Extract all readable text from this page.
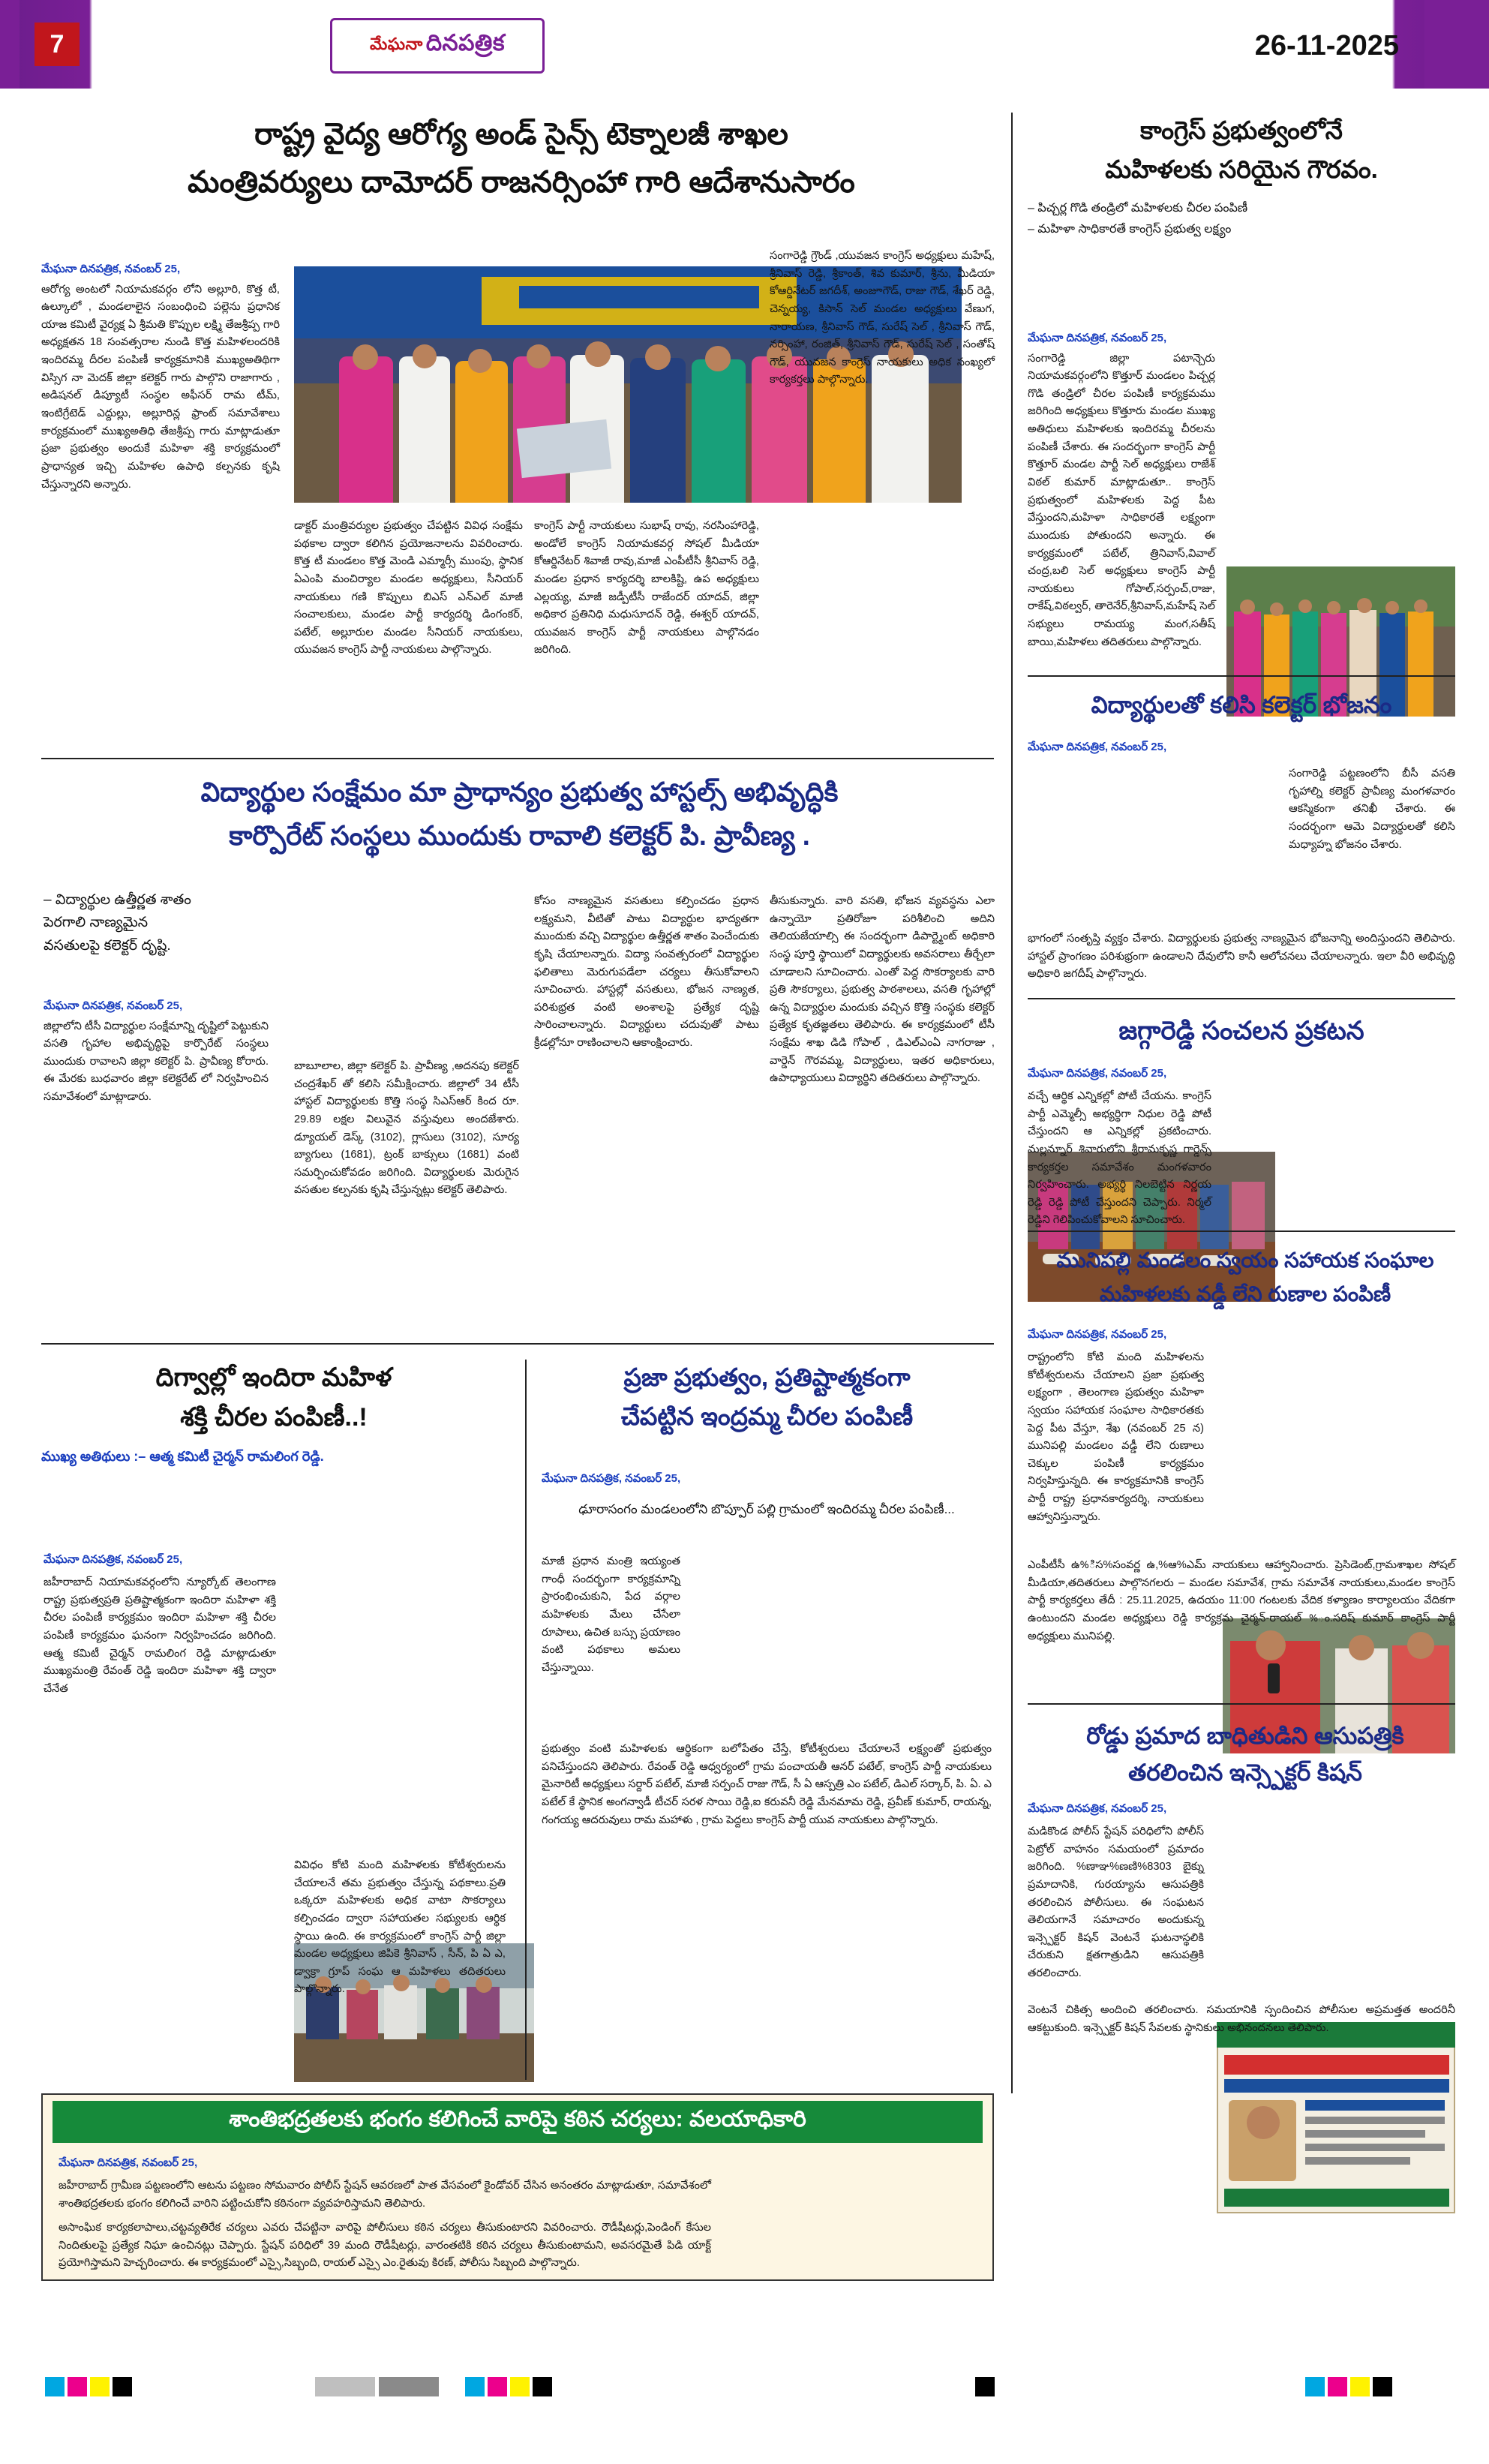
7	మేఘనా దినపత్రిక	26-11-2025
రాష్ట్ర వైద్య ఆరోగ్య అండ్ సైన్స్ టెక్నాలజీ శాఖల
మంత్రివర్యులు దామోదర్ రాజనర్సింహా గారి ఆదేశానుసారం
మేఘనా దినపత్రిక, నవంబర్ 25,
ఆరోగ్య అంటలో నియామకవర్గం లోని అల్లూరి, కొత్త టీ, ఉల్కూలో , మండలాలైన సంబంధించి పల్లెను ప్రధానిక యాజ కమిటీ వైర్యక్ష ఏ శ్రీమతి కొప్పుల లక్ష్మి తేజశ్రీప్ప గారి అధ్యక్షతన 18 సంవత్సరాల నుండి కొత్త మహిళలందరికి ఇందిరమ్మ దీరల పంపిణీ కార్యక్రమానికి ముఖ్యఅతిథిగా విస్సిగ నా మెదక్ జిల్లా కలెక్టర్ గారు పాల్గొని రాజాగారు , అడిషనల్ డిప్యూటీ సంస్థల అఫీసర్ రామ టీమ్, ఇంటిగ్రేటెడ్ ఎద్దుల్లు, అల్లూరిన్ల ఫ్రాంట్ సమావేశాలు కార్యక్రమంలో ముఖ్యఅతిధి తేజశ్రీప్ప గారు మాట్లాడుతూ ప్రజా ప్రభుత్వం అందుకే మహిళా శక్తి కార్యక్రమంలో ప్రాధాన్యత ఇచ్చి మహిళల ఉపాధి కల్పనకు కృషి చేస్తున్నారని అన్నారు.
డాక్టర్ మంత్రివర్యుల ప్రభుత్వం చేపట్టిన వివిధ సంక్షేమ పథకాల ద్వారా కలిగిన ప్రయోజనాలను వివరించారు. కొత్త టీ మండలం కొత్త మెండి ఎమ్మార్సీ ముంపు, స్థానిక ఏఎంపి మంచిర్యాల మండల అధ్యక్షులు, సీనియర్ నాయకులు గణి కొప్పులు బిఎస్ ఎన్ఎల్ మాజీ సంచాలకులు, మండల పార్టీ కార్యదర్శి డింగంకర్, పటేల్, అల్లూరుల మండల సీనియర్ నాయకులు, యువజన కాంగ్రెస్ పార్టీ నాయకులు పాల్గొన్నారు.
కాంగ్రెస్ పార్టీ నాయకులు సుభాష్ రావు, నరసింహారెడ్డి, అండోలే కాంగ్రెస్ నియామకవర్గ సోషల్ మీడియా కోఆర్డినేటర్ శివాజీ రావు,మాజీ ఎంపీటీసీ శ్రీనివాస్ రెడ్డి, మండల ప్రధాన కార్యదర్శి బాలకిష్టి, ఉప అధ్యక్షులు ఎల్లయ్య, మాజీ జడ్పీటీసీ రాజేందర్ యాదవ్, జిల్లా అధికార ప్రతినిధి మధుసూదన్ రెడ్డి, ఈశ్వర్ యాదవ్, యువజన కాంగ్రెస్ పార్టీ నాయకులు పాల్గొనడం జరిగింది.
సంగారెడ్డి గ్రౌండ్ ,యువజన కాంగ్రెస్ అధ్యక్షులు మహేష్, శ్రీనివాస్ రెడ్డి, శ్రీకాంత్, శివ కుమార్, శ్రీను, మీడియా కోఆర్డినేటర్ జగదీశ్, అంజూగౌడ్, రాజు గౌడ్, శేఖర్ రెడ్డి, చెన్నయ్య, కిసాన్ సెల్ మండల అధ్యక్షులు వేణుగ, నారాయణ, శ్రీనివాస్ గౌడ్, సురేష్ సెల్ , శ్రీనివాస్ గౌడ్, నర్సింహా, రంజిత్, శ్రీనివాస్ గౌడ్, సురేష్ సెల్ , సంతోష్ గౌడ్, యువజన కాంగ్రెస్ నాయకులు అధిక సంఖ్యలో కార్యకర్తలు పాల్గొన్నారు.
కాంగ్రెస్ ప్రభుత్వంలోనే
మహిళలకు సరియైన గౌరవం.
– పిచ్చర్ల గొడి తండ్రిలో మహిళలకు చీరల పంపిణీ
– మహిళా సాధికారతే కాంగ్రెస్ ప్రభుత్వ లక్ష్యం
మేఘనా దినపత్రిక, నవంబర్ 25,
సంగారెడ్డి జిల్లా పటాన్చెరు నియామకవర్గంలోని కొత్తూర్ మండలం పిచ్చర్ల గొడి తండ్రిలో చీరల పంపిణీ కార్యక్రమము జరిగింది అధ్యక్షులు కొత్తూరు మండల ముఖ్య అతిధులు మహిళలకు ఇందిరమ్మ చీరలను పంపిణీ చేశారు. ఈ సందర్భంగా కాంగ్రెస్ పార్టీ కొత్తూర్ మండల పార్టీ సెల్ అధ్యక్షులు రాజేశ్ విఠల్ కుమార్ మాట్లాడుతూ.. కాంగ్రెస్ ప్రభుత్వంలో మహిళలకు పెద్ద పీట వేస్తుందని,మహిళా సాధికారతే లక్ష్యంగా ముందుకు పోతుందని అన్నారు. ఈ కార్యక్రమంలో పటేల్, త్రినివాస్,వివాల్ చంద్ర,బలి సెల్ అధ్యక్షులు కాంగ్రెస్ పార్టీ నాయకులు గోపాల్,సర్పంచ్,రాజు, రాకేష్,విఠల్వర్, తారెనేర్,శ్రీనివాస్,మహేష్ సెల్ సభ్యులు రామయ్య మంగ,సతీష్ బాయి,మహిళలు తదితరులు పాల్గొన్నారు.
విద్యార్థులతో కలిసి కలెక్టర్ భోజనం
మేఘనా దినపత్రిక, నవంబర్ 25,
సంగారెడ్డి పట్టణంలోని బీసీ వసతి గృహాల్ని కలెక్టర్ ప్రావీణ్య మంగళవారం ఆకస్మికంగా తనిఖీ చేశారు. ఈ సందర్భంగా ఆమె విద్యార్థులతో కలిసి మధ్యాహ్న భోజనం చేశారు.
భాగంలో సంతృప్తి వ్యక్తం చేశారు. విద్యార్థులకు ప్రభుత్వ నాణ్యమైన భోజనాన్ని అందిస్తుందని తెలిపారు. హాస్టల్ ప్రాంగణం పరిశుభ్రంగా ఉండాలని దేవులోని కానీ ఆలోచనలు చేయాలన్నారు. ఇలా వీరి అభివృద్ధి అధికారి జగదీష్ పాల్గొన్నారు.
జగ్గారెడ్డి సంచలన ప్రకటన
మేఘనా దినపత్రిక, నవంబర్ 25,
వచ్చే ఆర్థిక ఎన్నికల్లో పోటీ చేయను. కాంగ్రెస్ పార్టీ ఎమ్మెల్సీ అభ్యర్థిగా నిధుల రెడ్డి పోటీ చేస్తుందని ఆ ఎన్నికల్లో ప్రకటించారు. మల్లన్నూర్ శివారులోని శ్రీరామకృష్ణ గార్డెన్స్ కార్యకర్తల సమావేశం మంగళవారం నిర్వహించారు. అభ్యర్థి నిలబెట్టిన నిర్ణయ రెడ్డి రెడ్డి పోటీ చేస్తుందని చెప్పారు. నిర్మల్ రెడ్డిని గెలిపించుకోవాలని సూచించారు.
మునిపల్లి మండలం స్వయం సహాయక సంఘాల
మహిళలకు వడ్డీ లేని రుణాల పంపిణీ
మేఘనా దినపత్రిక, నవంబర్ 25,
రాష్ట్రంలోని కోటి మంది మహిళలను కోటీశ్వరులను చేయాలని ప్రజా ప్రభుత్వ లక్ష్యంగా , తెలంగాణ ప్రభుత్వం మహిళా స్వయం సహాయక సంఘాల సాధికారతకు పెద్ద పీట వేస్తూ, శేఖ (నవంబర్ 25 న) మునిపల్లి మండలం వడ్డీ లేని రుణాలు చెక్కుల పంపిణీ కార్యక్రమం నిర్వహిస్తున్నది. ఈ కార్యక్రమానికి కాంగ్రెస్ పార్టీ రాష్ట్ర ప్రధానకార్యదర్శి, నాయకులు ఆహ్వానిస్తున్నారు.
ఎంపీటీసీ ఉ%ిస%సంవర్ణ ఉ,%ఆ%ఎమ్ నాయకులు ఆహ్వానించారు. ప్రెసిడెంట్,గ్రామశాఖల సోషల్ మీడియా,తదితరులు పాల్గొనగలరు – మండల సమావేశ, గ్రామ సమావేశ నాయకులు,మండల కాంగ్రెస్ పార్టీ కార్యకర్తలు తేదీ : 25.11.2025, ఉదయం 11:00 గంటలకు వేదిక కళ్యాణం కార్యాలయం వేదికగా ఉంటుందని మండల అధ్యక్షులు రెడ్డి కార్యక్రమ చైర్మన్-రాయల్ %ం.సరిష్ కుమార్ కాంగ్రెస్ పార్టీ అధ్యక్షులు మునిపల్లి.
రోడ్డు ప్రమాద బాధితుడిని ఆసుపత్రికి
తరలించిన ఇన్స్పెక్టర్ కిషన్
మేఘనా దినపత్రిక, నవంబర్ 25,
మడికొండ పోలీస్ స్టేషన్ పరిధిలోని పోలీస్ పెట్రోల్ వాహనం సమయంలో ప్రమాదం జరిగింది. %ణాఞ%ణణి%8303 బైక్ను ప్రమాదానికి, గురయ్యాను ఆసుపత్రికి తరలించిన పోలీసులు. ఈ సంఘటన తెలియగానే సమాచారం అందుకున్న ఇన్స్పెక్టర్ కిషన్ వెంటనే ఘటనాస్థలికి చేరుకుని క్షతగాత్రుడిని ఆసుపత్రికి తరలించారు.
వెంటనే చికిత్స అందించి తరలించారు. సమయానికి స్పందించిన పోలీసుల అప్రమత్తత అందరినీ ఆకట్టుకుంది. ఇన్స్పెక్టర్ కిషన్ సేవలకు స్థానికులు అభినందనలు తెలిపారు.
విద్యార్థుల సంక్షేమం మా ప్రాధాన్యం ప్రభుత్వ హాస్టల్స్ అభివృద్ధికి
కార్పొరేట్ సంస్థలు ముందుకు రావాలి కలెక్టర్ పి. ప్రావీణ్య .
– విద్యార్థుల ఉత్తీర్ణత శాతం
పెరగాలి నాణ్యమైన
వసతులపై కలెక్టర్ దృష్టి.
మేఘనా దినపత్రిక, నవంబర్ 25,
జిల్లాలోని టీసీ విద్యార్థుల సంక్షేమాన్ని దృష్టిలో పెట్టుకుని వసతి గృహాల అభివృద్ధిపై కార్పొరేట్ సంస్థలు ముందుకు రావాలని జిల్లా కలెక్టర్ పి. ప్రావీణ్య కోరారు. ఈ మేరకు బుధవారం జిల్లా కలెక్టరేట్ లో నిర్వహించిన సమావేశంలో మాట్లాడారు.
బాబూలాల, జిల్లా కలెక్టర్ పి. ప్రావీణ్య ,అదనపు కలెక్టర్ చంద్రశేఖర్ తో కలిసి సమీక్షించారు. జిల్లాలో 34 టీసీ హాస్టల్ విద్యార్థులకు కొత్తి సంస్థ సిఎస్ఆర్ కింద రూ. 29.89 లక్షల విలువైన వస్తువులు అందజేశారు. డ్యూయల్ డెస్క్ (3102), గ్లాసులు (3102), సూర్య బ్యాగులు (1681), ట్రంక్ బాక్సులు (1681) వంటి సమర్పించుకోవడం జరిగింది. విద్యార్థులకు మెరుగైన వసతుల కల్పనకు కృషి చేస్తున్నట్లు కలెక్టర్ తెలిపారు.
కోసం నాణ్యమైన వసతులు కల్పించడం ప్రధాన లక్ష్యమని, వీటితో పాటు విద్యార్థుల భాద్యతగా ముందుకు వచ్చి విద్యార్థుల ఉత్తీర్ణత శాతం పెంచేందుకు కృషి చేయాలన్నారు. విద్యా సంవత్సరంలో విద్యార్థుల ఫలితాలు మెరుగుపడేలా చర్యలు తీసుకోవాలని సూచించారు. హాస్టల్లో వసతులు, భోజన నాణ్యత, పరిశుభ్రత వంటి అంశాలపై ప్రత్యేక దృష్టి సారించాలన్నారు. విద్యార్థులు చదువుతో పాటు క్రీడల్లోనూ రాణించాలని ఆకాంక్షించారు.
తీసుకున్నారు. వారి వసతి, భోజన వ్యవస్థను ఎలా ఉన్నాయో ప్రతిరోజూ పరిశీలించి అదిని తెలియజేయాల్సి ఈ సందర్భంగా డిపార్ట్మెంట్ అధికారి సంస్థ పూర్తి స్థాయిలో విద్యార్థులకు అవసరాలు తీర్చేలా చూడాలని సూచించారు. ఎంతో పెద్ద సొకర్యాలకు వారి ప్రతి సౌకర్యాలు, ప్రభుత్వ పాఠశాలలు, వసతి గృహాల్లో ఉన్న విద్యార్థుల మందుకు వచ్చిన కొత్తి సంస్థకు కలెక్టర్ ప్రత్యేక కృతజ్ఞతలు తెలిపారు. ఈ కార్యక్రమంలో టీసీ సంక్షేమ శాఖ డిడి గోపాల్ , డిఎల్ఎంఏ నాగరాజు , వార్డెన్ గౌరవమ్మ, విద్యార్థులు, ఇతర అధికారులు, ఉపాధ్యాయులు విద్యార్థిని తదితరులు పాల్గొన్నారు.
దిగ్వాల్లో ఇందిరా మహిళ
శక్తి చీరల పంపిణీ..!
ముఖ్య అతిథులు :– ఆత్మ కమిటీ చైర్మన్ రామలింగ రెడ్డి.
మేఘనా దినపత్రిక, నవంబర్ 25,
జహీరాబాద్ నియామకవర్గంలోని న్యూర్కోట్ తెలంగాణ రాష్ట్ర ప్రభుత్వప్రతి ప్రతిష్టాత్మకంగా ఇందిరా మహిళా శక్తి చీరల పంపిణీ కార్యక్రమం ఇందిరా మహిళా శక్తి చీరల పంపిణీ కార్యక్రమం ఘనంగా నిర్వహించడం జరిగింది. ఆత్మ కమిటీ చైర్మన్ రామలింగ రెడ్డి మాట్లాడుతూ ముఖ్యమంత్రి రేవంత్ రెడ్డి ఇందిరా మహిళా శక్తి ద్వారా చేనేత
వివిధం కోటి మంది మహిళలకు కోటీశ్వరులను చేయాలనే తమ ప్రభుత్వం చేస్తున్న పథకాలు.ప్రతి ఒక్కరూ మహిళలకు అధిక వాటా సొకర్యాలు కల్పించడం ద్వారా సహాయతల సభ్యులకు ఆర్థిక స్థాయి ఉంది. ఈ కార్యక్రమంలో కాంగ్రెస్ పార్టీ జిల్లా మండల అధ్యక్షులు జిపికె శ్రీనివాస్ , సీన్, పి ఏ ఎ, డ్వాక్రా గ్రూప్ సంఘ ఆ మహిళలు తదితరులు పాల్గొన్నారు.
ప్రజా ప్రభుత్వం, ప్రతిష్టాత్మకంగా
చేపట్టిన ఇంద్రమ్మ చీరల పంపిణీ
మేఘనా దినపత్రిక, నవంబర్ 25,
ఢూరాసంగం మండలంలోని బొప్పూర్ పల్లి గ్రామంలో ఇందిరమ్మ చీరల పంపిణీ...
మాజీ ప్రధాన మంత్రి ఇయ్యంత గాంధీ సందర్భంగా కార్యక్రమాన్ని ప్రారంభించుకుని, పేద వర్గాల మహిళలకు మేలు చేసేలా రూపాలు, ఉచిత బస్సు ప్రయాణం వంటి పథకాలు అమలు చేస్తున్నాయి.
ప్రభుత్వం వంటి మహిళలకు ఆర్థికంగా బలోపేతం చేస్తే, కోటీశ్వరులు చేయాలనే లక్ష్యంతో ప్రభుత్వం పనిచేస్తుందని తెలిపారు. రేవంత్ రెడ్డి ఆధ్వర్యంలో గ్రామ పంచాయతీ ఆనర్ పటేల్, కాంగ్రెస్ పార్టీ నాయకులు మైనారిటీ అధ్యక్షులు సర్దార్ పటేల్, మాజీ సర్పంచ్ రాజు గౌడ్, సీ ఏ ఆస్పత్రి ఎం పటేల్, డిఎల్ సర్కార్, పి. ఏ. ఎ పటేల్ కే స్థానిక అంగన్వాడీ టీచర్ సరళ సాయి రెడ్డి,ఐ కరువనీ రెడ్డి మేనమామ రెడ్డి, ప్రవీణ్ కుమార్, రాయన్న, గంగయ్య ఆదరువులు రామ మహాళు , గ్రామ పెద్దలు కాంగ్రెస్ పార్టీ యువ నాయకులు పాల్గొన్నారు.
శాంతిభద్రతలకు భంగం కలిగించే వారిపై కఠిన చర్యలు: వలయాధికారి
మేఘనా దినపత్రిక, నవంబర్ 25,
జహీరాబాద్ గ్రామీణ పట్టణంలోని ఆటను పట్టణం సోమవారం పోలీస్ స్టేషన్ ఆవరణలో పాత వేసవంలో కైండోవర్ చేసిన అనంతరం మాట్లాడుతూ, సమావేశంలో శాంతిభద్రతలకు భంగం కలిగించే వారిని పట్టించుకోని కఠినంగా వ్యవహరిస్తామని తెలిపారు.
అసాంఘిక కార్యకలాపాలు,చట్టవ్యతిరేక చర్యలు ఎవరు చేపట్టినా వారిపై పోలీసులు కఠిన చర్యలు తీసుకుంటారని వివరించారు. రౌడీషీటర్లు,పెండింగ్ కేసుల నిందితులపై ప్రత్యేక నిఘా ఉంచినట్లు చెప్పారు. స్టేషన్ పరిధిలో 39 మంది రౌడీషీటర్లు, వారంతటికి కఠిన చర్యలు తీసుకుంటామని, అవసరమైతే పిడి యాక్ట్ ప్రయోగిస్తామని హెచ్చరించారు. ఈ కార్యక్రమంలో ఎస్సై,సిబ్బంది, రాయల్ ఎస్సై ఎం.రైతువు కిరణ్, పోలీసు సిబ్బంది పాల్గొన్నారు.
